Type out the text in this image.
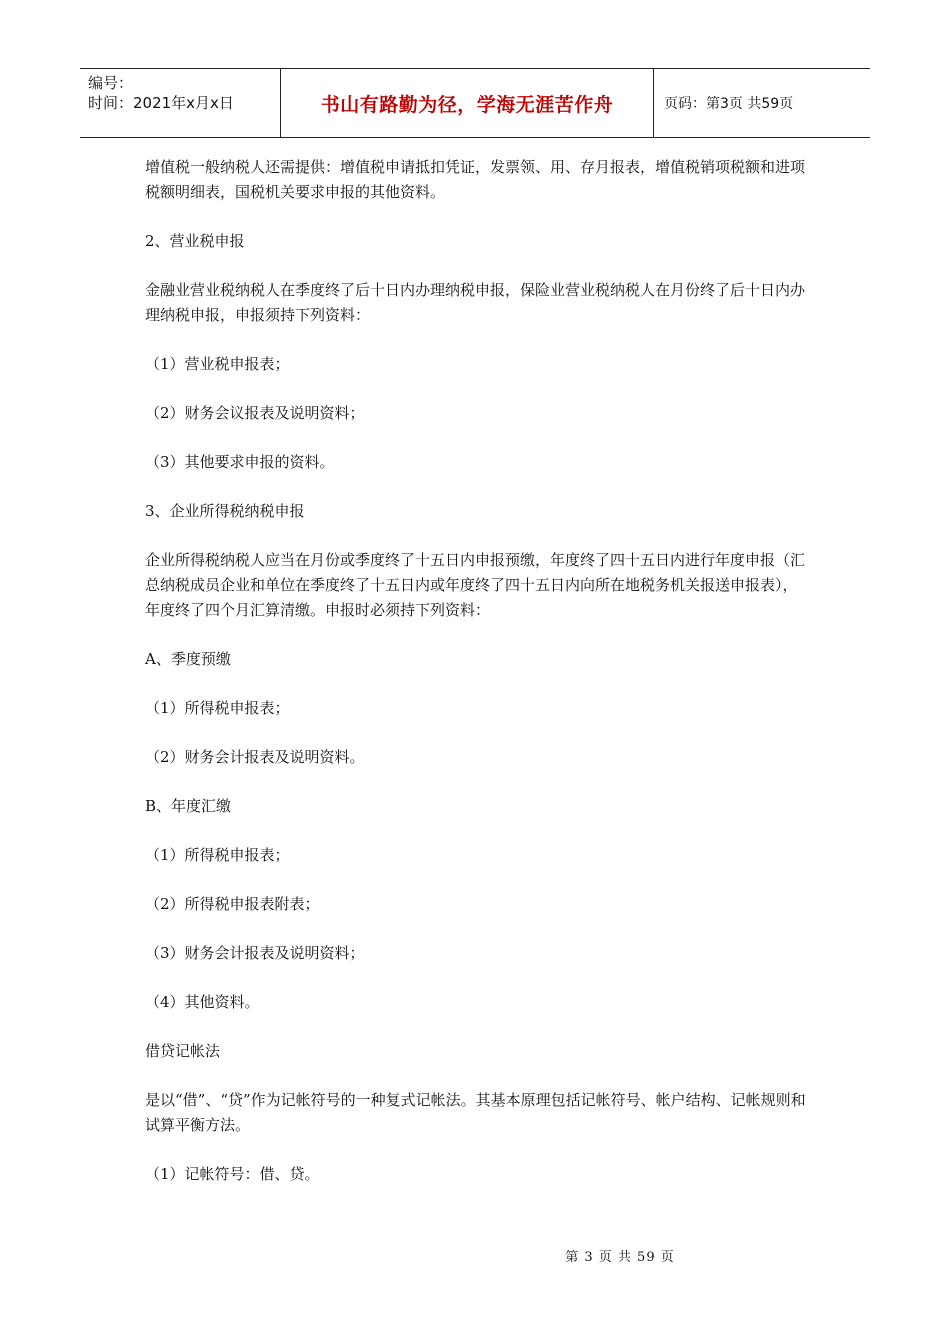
编号：
时间：2021年x月x日	书山有路勤为径，学海无涯苦作舟	页码：第3页 共59页

增值税一般纳税人还需提供：增值税申请抵扣凭证，发票领、用、存月报表，增值税销项税额和进项  税额明细表，国税机关要求申报的其他资料。

2、营业税申报

金融业营业税纳税人在季度终了后十日内办理纳税申报，保险业营业税纳税人在月份终了后十日内办  理纳税申报，申报须持下列资料：

（1）营业税申报表；

（2）财务会议报表及说明资料；

（3）其他要求申报的资料。

3、企业所得税纳税申报

企业所得税纳税人应当在月份或季度终了十五日内申报预缴，年度终了四十五日内进行年度申报（汇  总纳税成员企业和单位在季度终了十五日内或年度终了四十五日内向所在地税务机关报送申报表），  年度终了四个月汇算清缴。申报时必须持下列资料：

A、季度预缴

（1）所得税申报表；

（2）财务会计报表及说明资料。

B、年度汇缴

（1）所得税申报表；

（2）所得税申报表附表；

（3）财务会计报表及说明资料；

（4）其他资料。

借贷记帐法

是以“借”、“贷”作为记帐符号的一种复式记帐法。其基本原理包括记帐符号、帐户结构、记帐规则和试算平衡方法。

（1）记帐符号：借、贷。

第 3 页 共 59 页
